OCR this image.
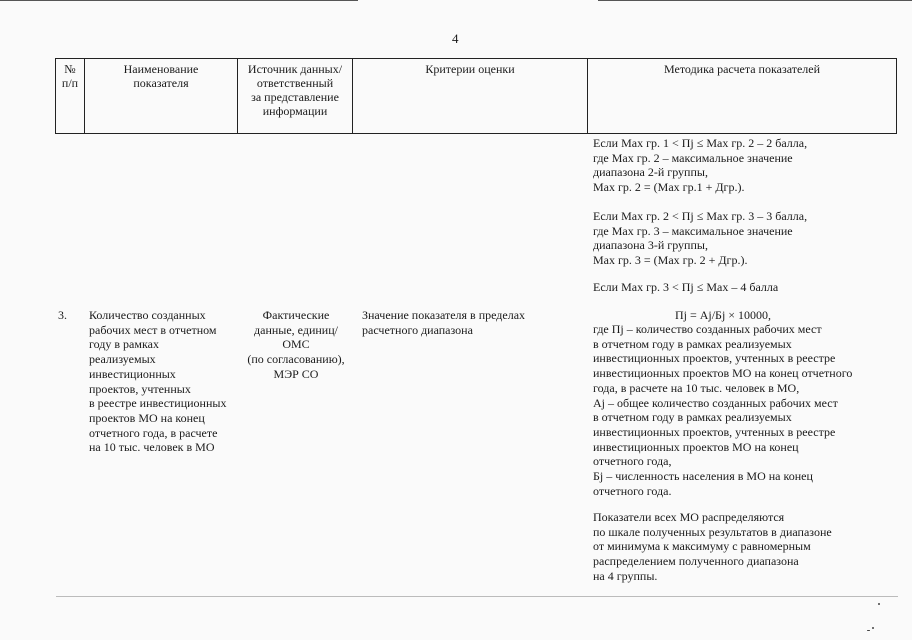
4
№
п/п
Наименование
показателя
Источник данных/
ответственный
за представление
информации
Критерии оценки	Методика расчета показателей
Если Мах гр. 1 < Пj ≤ Мах гр. 2 – 2 балла,
где Мах гр. 2 – максимальное значение
диапазона 2-й группы,
Мах гр. 2 = (Мах гр.1 + Дгр.).
Если Мах гр. 2 < Пj ≤ Мах гр. 3 – 3 балла,
где Мах гр. 3 – максимальное значение
диапазона 3-й группы,
Мах гр. 3 = (Мах гр. 2 + Дгр.).
Если Мах гр. 3 < Пj ≤ Мах – 4 балла
3. Количество созданных
рабочих мест в отчетном
году в рамках
реализуемых
инвестиционных
проектов, учтенных
в реестре инвестиционных
проектов МО на конец
отчетного года, в расчете
на 10 тыс. человек в МО
Фактические
данные, единиц/
ОМС
(по согласованию),
МЭР СО
Значение показателя в пределах
расчетного диапазона
Пj = Аj/Бj × 10000,
где Пj – количество созданных рабочих мест
в отчетном году в рамках реализуемых
инвестиционных проектов, учтенных в реестре
инвестиционных проектов МО на конец отчетного
года, в расчете на 10 тыс. человек в МО,
Аj – общее количество созданных рабочих мест
в отчетном году в рамках реализуемых
инвестиционных проектов, учтенных в реестре
инвестиционных проектов МО на конец
отчетного года,
Бj – численность населения в МО на конец
отчетного года.
Показатели всех МО распределяются
по шкале полученных результатов в диапазоне
от минимума к максимуму с равномерным
распределением полученного диапазона
на 4 группы.
